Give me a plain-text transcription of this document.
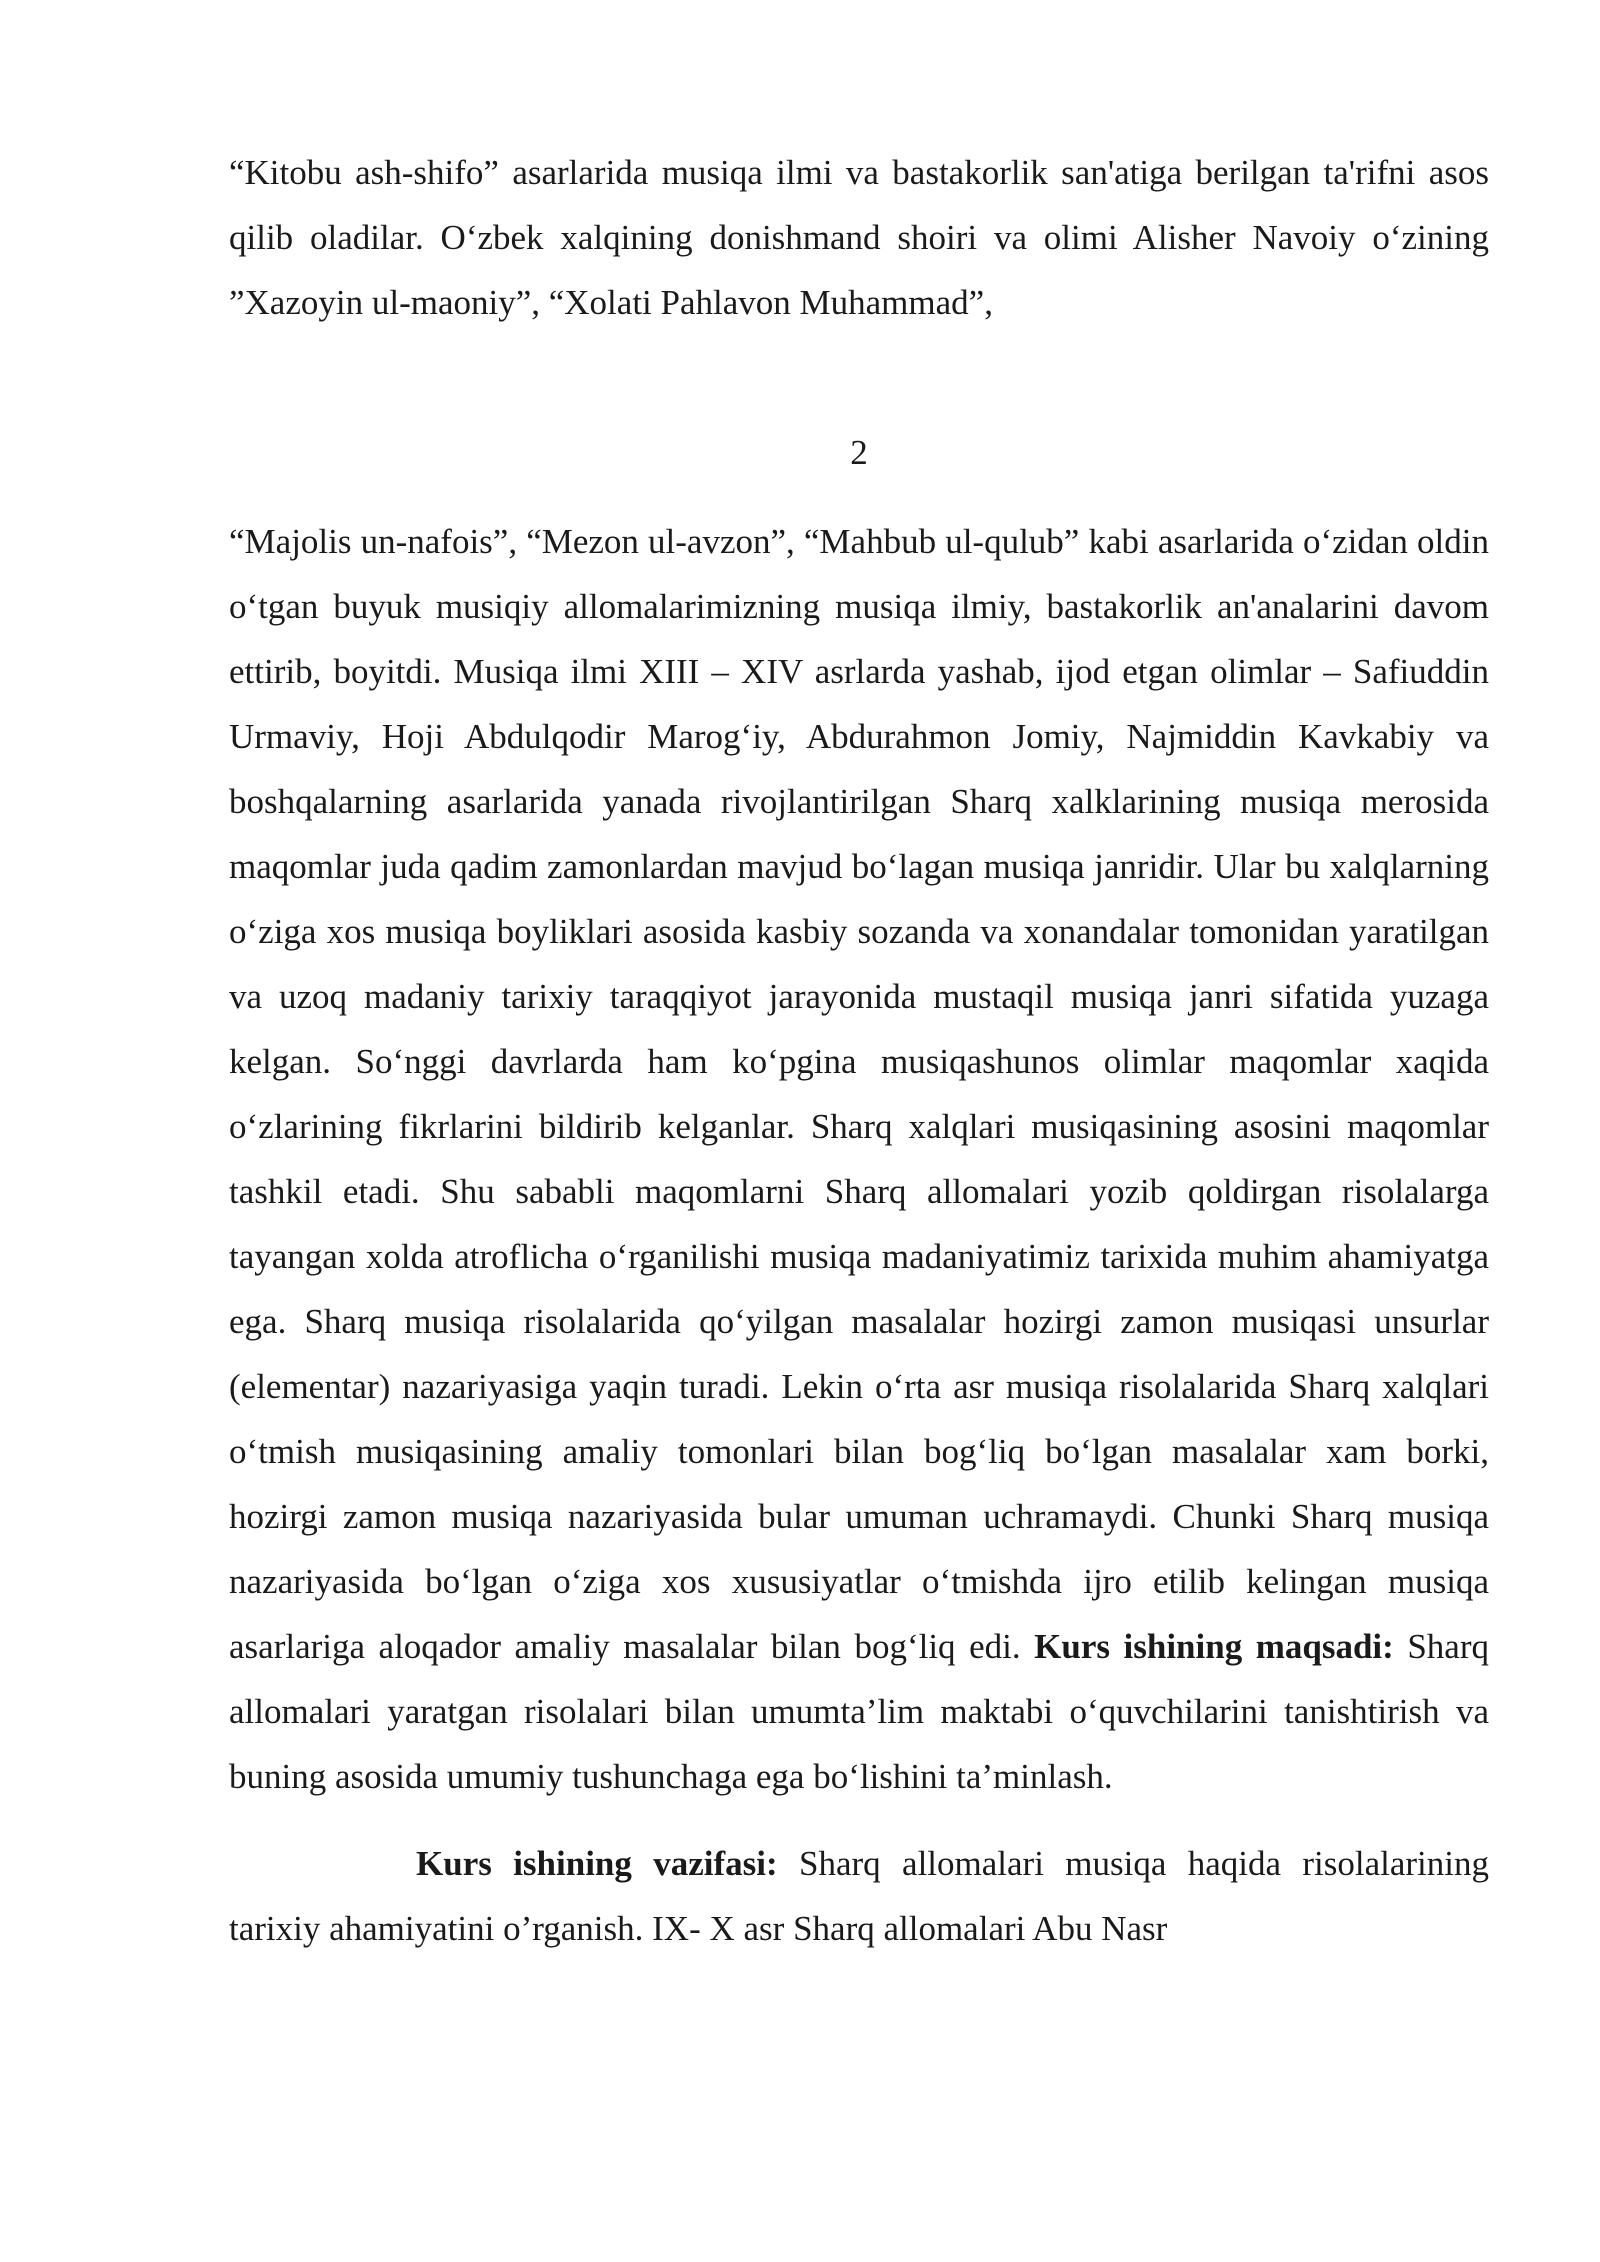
“Kitobu ash-shifo” asarlarida musiqa ilmi va bastakorlik san'atiga berilgan ta'rifni asos qilib oladilar. O‘zbek xalqining donishmand shoiri va olimi Alisher Navoiy o‘zining ”Xazoyin ul-maoniy”, “Xolati Pahlavon Muhammad”,

2

“Majolis un-nafois”, “Mezon ul-avzon”, “Mahbub ul-qulub” kabi asarlarida o‘zidan oldin o‘tgan buyuk musiqiy allomalarimizning musiqa ilmiy, bastakorlik an'analarini davom ettirib, boyitdi. Musiqa ilmi XIII – XIV asrlarda yashab, ijod etgan olimlar – Safiuddin Urmaviy, Hoji Abdulqodir Marog‘iy, Abdurahmon Jomiy, Najmiddin Kavkabiy va boshqalarning asarlarida yanada rivojlantirilgan Sharq xalklarining musiqa merosida maqomlar juda qadim zamonlardan mavjud bo‘lagan musiqa janridir. Ular bu xalqlarning o‘ziga xos musiqa boyliklari asosida kasbiy sozanda va xonandalar tomonidan yaratilgan va uzoq madaniy tarixiy taraqqiyot jarayonida mustaqil musiqa janri sifatida yuzaga kelgan. So‘nggi davrlarda ham ko‘pgina musiqashunos olimlar maqomlar xaqida o‘zlarining fikrlarini bildirib kelganlar. Sharq xalqlari musiqasining asosini maqomlar tashkil etadi. Shu sababli maqomlarni Sharq allomalari yozib qoldirgan risolalarga tayangan xolda atroflicha o‘rganilishi musiqa madaniyatimiz tarixida muhim ahamiyatga ega. Sharq musiqa risolalarida qo‘yilgan masalalar hozirgi zamon musiqasi unsurlar (elementar) nazariyasiga yaqin turadi. Lekin o‘rta asr musiqa risolalarida Sharq xalqlari o‘tmish musiqasining amaliy tomonlari bilan bog‘liq bo‘lgan masalalar xam borki, hozirgi zamon musiqa nazariyasida bular umuman uchramaydi. Chunki Sharq musiqa nazariyasida bo‘lgan o‘ziga xos xususiyatlar o‘tmishda ijro etilib kelingan musiqa asarlariga aloqador amaliy masalalar bilan bog‘liq edi. Kurs ishining maqsadi: Sharq allomalari yaratgan risolalari bilan umumta’lim maktabi o‘quvchilarini tanishtirish va buning asosida umumiy tushunchaga ega bo‘lishini ta’minlash.

Kurs ishining vazifasi: Sharq allomalari musiqa haqida risolalarining tarixiy ahamiyatini o’rganish. IX- X asr Sharq allomalari Abu Nasr
